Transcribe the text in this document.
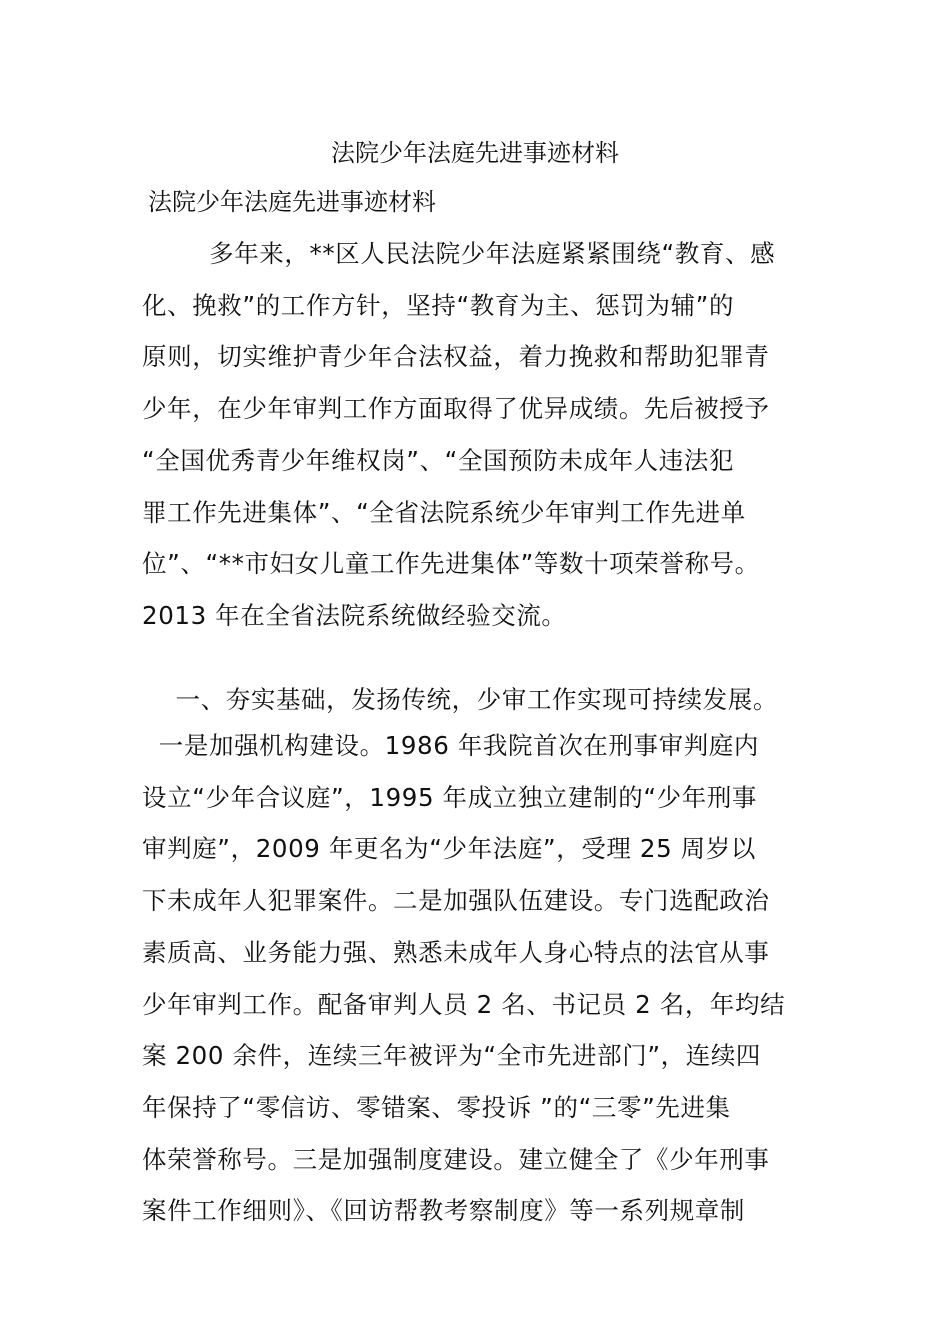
法院少年法庭先进事迹材料
法院少年法庭先进事迹材料

多年来，**区人民法院少年法庭紧紧围绕“教育、感
化、挽救”的工作方针，坚持“教育为主、惩罚为辅”的
原则，切实维护青少年合法权益，着力挽救和帮助犯罪青
少年，在少年审判工作方面取得了优异成绩。先后被授予
“全国优秀青少年维权岗”、“全国预防未成年人违法犯
罪工作先进集体”、“全省法院系统少年审判工作先进单
位”、“**市妇女儿童工作先进集体”等数十项荣誉称号。
2013 年在全省法院系统做经验交流。

一、夯实基础，发扬传统，少审工作实现可持续发展。

一是加强机构建设。1986 年我院首次在刑事审判庭内
设立“少年合议庭”，1995 年成立独立建制的“少年刑事
审判庭”，2009 年更名为“少年法庭”，受理 25 周岁以
下未成年人犯罪案件。二是加强队伍建设。专门选配政治
素质高、业务能力强、熟悉未成年人身心特点的法官从事
少年审判工作。配备审判人员 2 名、书记员 2 名，年均结
案 200 余件，连续三年被评为“全市先进部门”，连续四
年保持了“零信访、零错案、零投诉 ”的“三零”先进集
体荣誉称号。三是加强制度建设。建立健全了《少年刑事
案件工作细则》、《回访帮教考察制度》等一系列规章制
